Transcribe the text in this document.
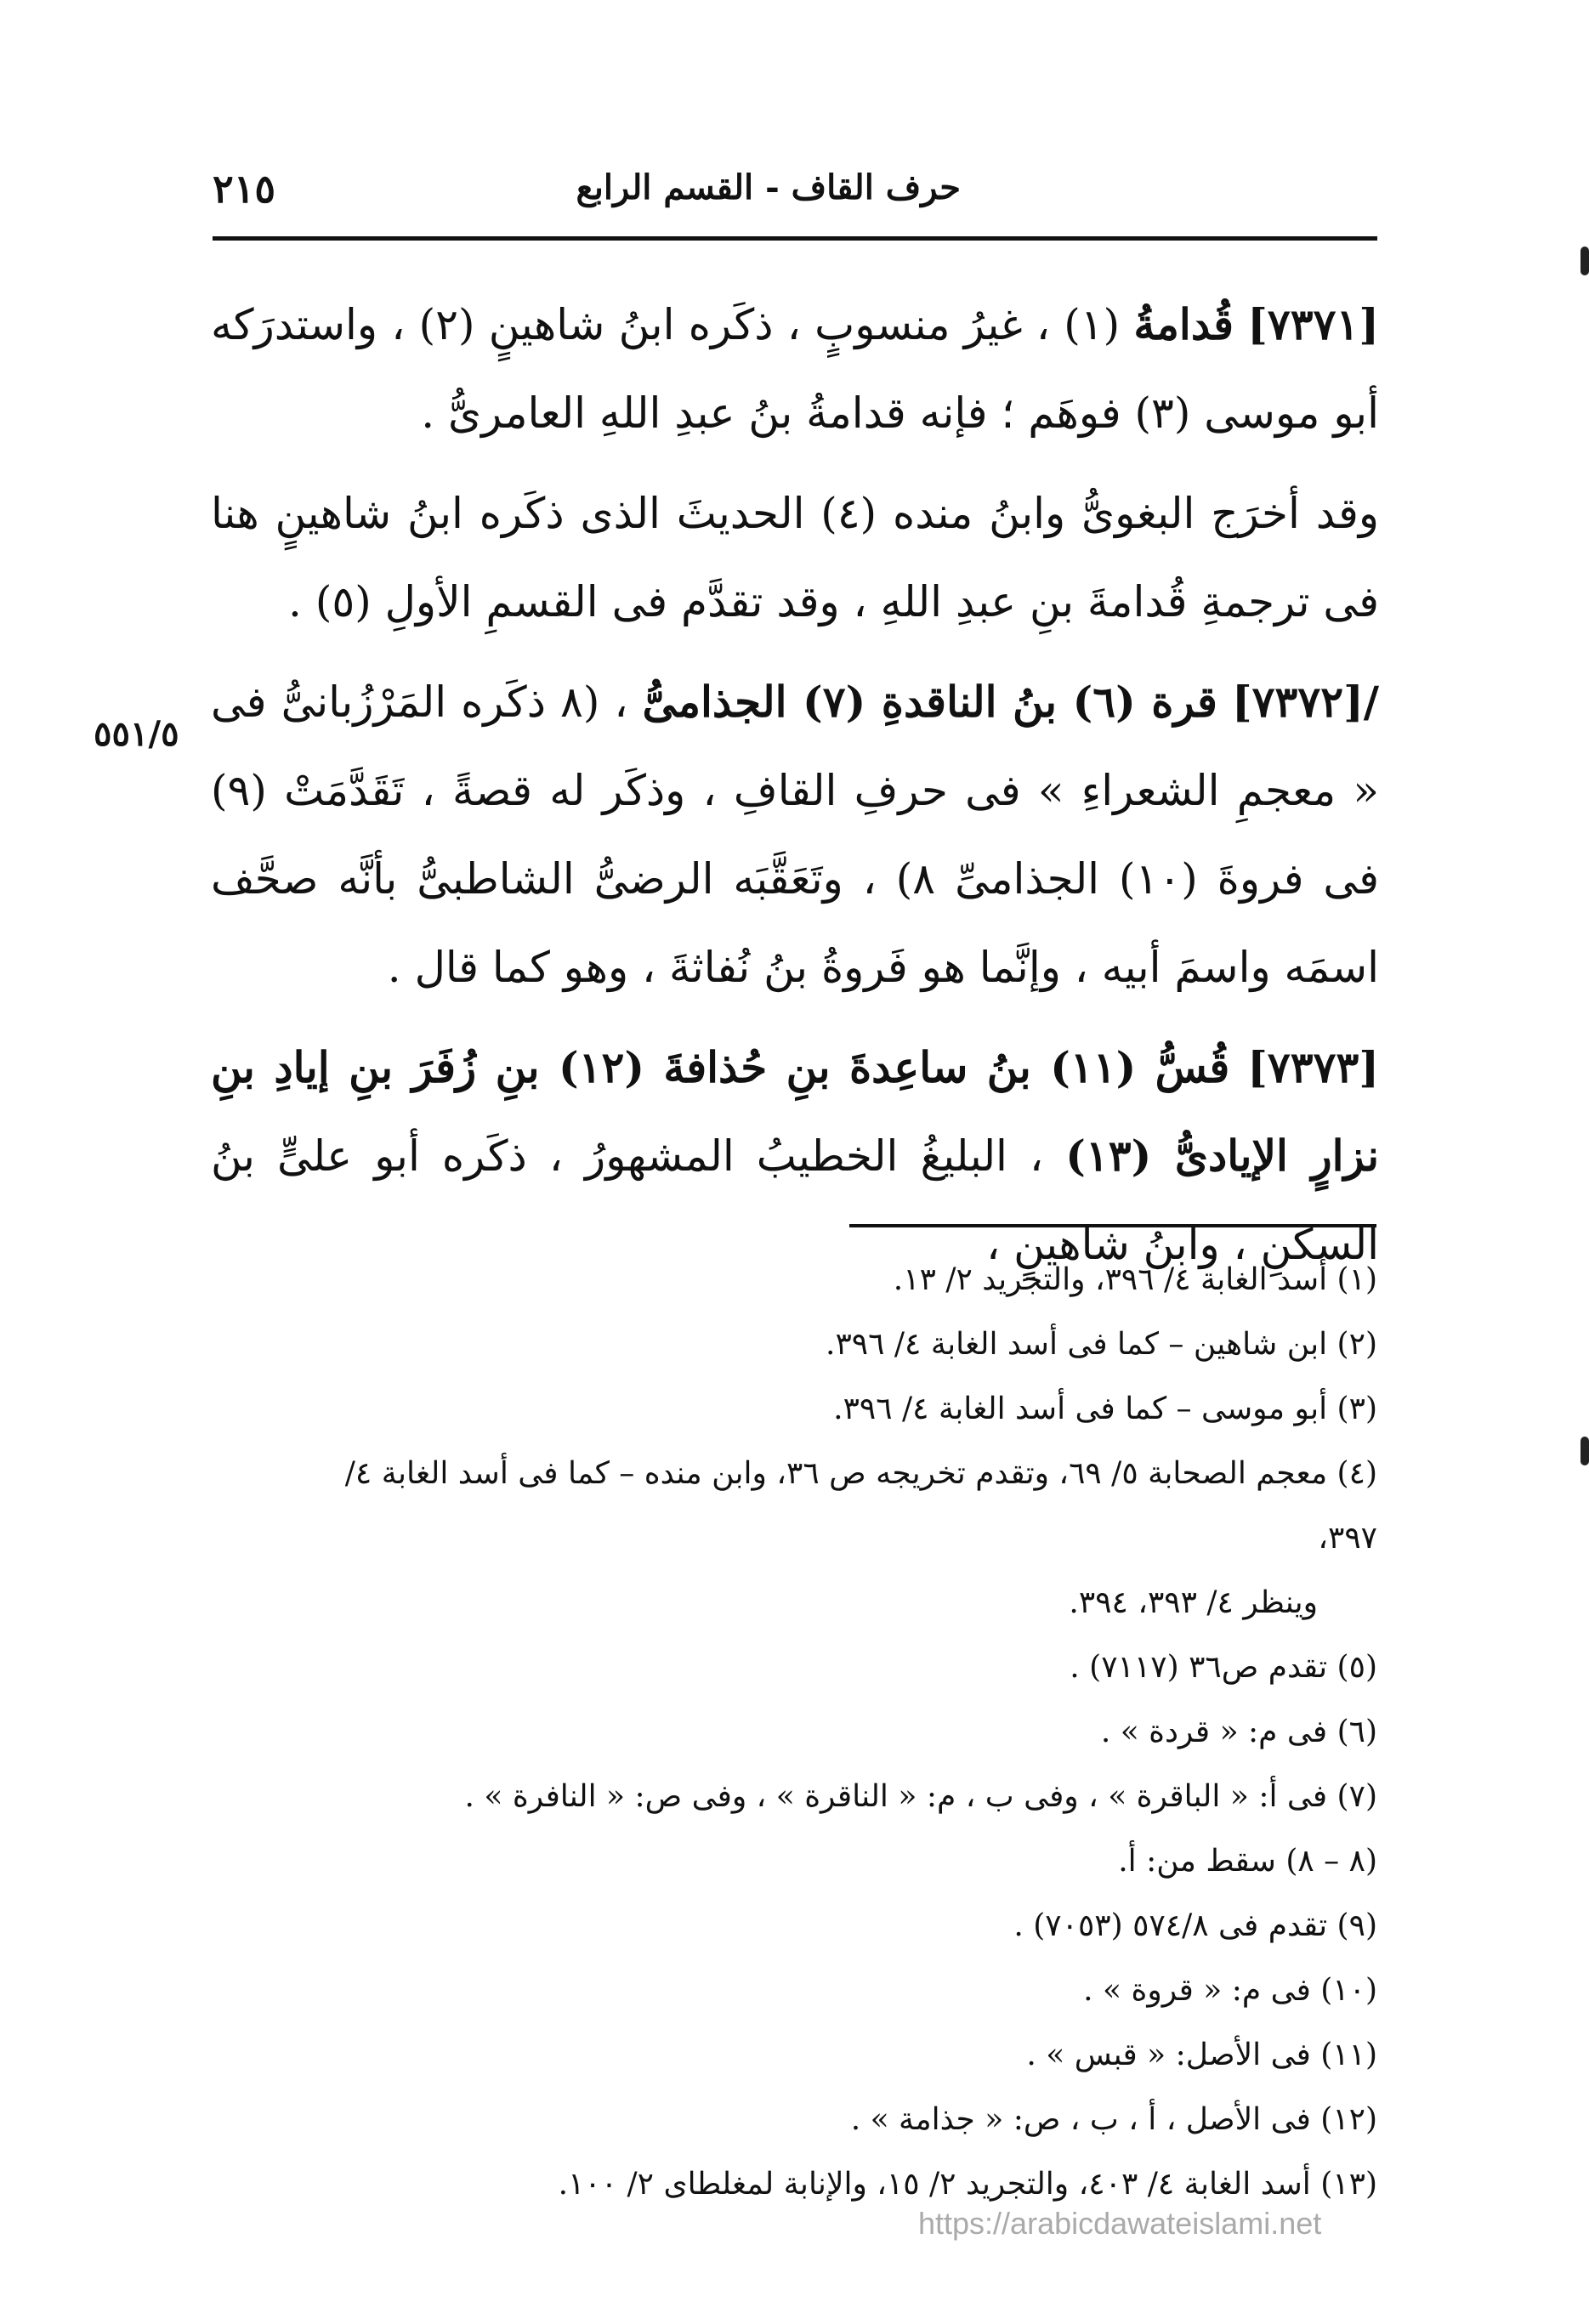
٢١٥	حرف القاف - القسم الرابع
٥٥١/٥

[٧٣٧١] قُدامةُ (١) ، غيرُ منسوبٍ ، ذكَره ابنُ شاهينٍ (٢) ، واستدرَكه أبو موسى (٣) فوهَم ؛ فإنه قدامةُ بنُ عبدِ اللهِ العامرىُّ .

وقد أخرَج البغوىُّ وابنُ منده (٤) الحديثَ الذى ذكَره ابنُ شاهينٍ هنا فى ترجمةِ قُدامةَ بنِ عبدِ اللهِ ، وقد تقدَّم فى القسمِ الأولِ (٥) .

/[٧٣٧٢] قرة (٦) بنُ الناقدةِ (٧) الجذامىُّ ، (٨ ذكَره المَرْزُبانىُّ فى « معجمِ الشعراءِ » فى حرفِ القافِ ، وذكَر له قصةً ، تَقَدَّمَتْ (٩) فى فروةَ (١٠) الجذامىِّ ٨) ، وتَعَقَّبَه الرضىُّ الشاطبىُّ بأنَّه صحَّف اسمَه واسمَ أبيه ، وإنَّما هو فَروةُ بنُ نُفاثةَ ، وهو كما قال .

[٧٣٧٣] قُسُّ (١١) بنُ ساعِدةَ بنِ حُذافةَ (١٢) بنِ زُفَرَ بنِ إيادِ بنِ نزارٍ الإيادىُّ (١٣) ، البليغُ الخطيبُ المشهورُ ، ذكَره أبو علىٍّ بنُ السكنِ ، وابنُ شاهينٍ ،

(١) أسد الغابة ٤/ ٣٩٦، والتجريد ٢/ ١٣.

(٢) ابن شاهين – كما فى أسد الغابة ٤/ ٣٩٦.

(٣) أبو موسى – كما فى أسد الغابة ٤/ ٣٩٦.

(٤) معجم الصحابة ٥/ ٦٩، وتقدم تخريجه ص ٣٦، وابن منده – كما فى أسد الغابة ٤/ ٣٩٧،

وينظر ٤/ ٣٩٣، ٣٩٤.

(٥) تقدم ص٣٦ (٧١١٧) .

(٦) فى م: « قردة » .

(٧) فى أ: « الباقرة » ، وفى ب ، م: « الناقرة » ، وفى ص: « النافرة » .

(٨ – ٨) سقط من: أ.

(٩) تقدم فى ٥٧٤/٨ (٧٠٥٣) .

(١٠) فى م: « قروة » .

(١١) فى الأصل: « قبس » .

(١٢) فى الأصل ، أ ، ب ، ص: « جذامة » .

(١٣) أسد الغابة ٤/ ٤٠٣، والتجريد ٢/ ١٥، والإنابة لمغلطاى ٢/ ١٠٠.

https://arabicdawateislami.net
